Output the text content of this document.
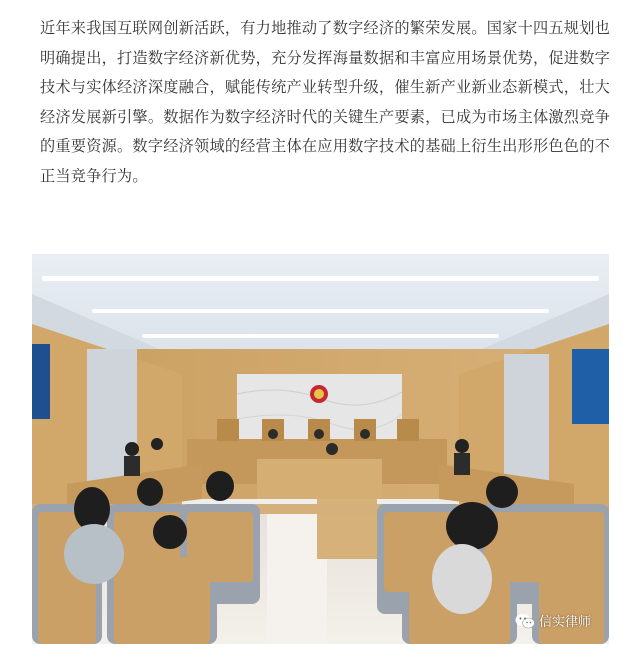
近年来我国互联网创新活跃，有力地推动了数字经济的繁荣发展。国家十四五规划也明确提出，打造数字经济新优势，充分发挥海量数据和丰富应用场景优势，促进数字技术与实体经济深度融合，赋能传统产业转型升级，催生新产业新业态新模式，壮大经济发展新引擎。数据作为数字经济时代的关键生产要素，已成为市场主体激烈竞争的重要资源。数字经济领域的经营主体在应用数字技术的基础上衍生出形形色色的不正当竞争行为。

信实律师
